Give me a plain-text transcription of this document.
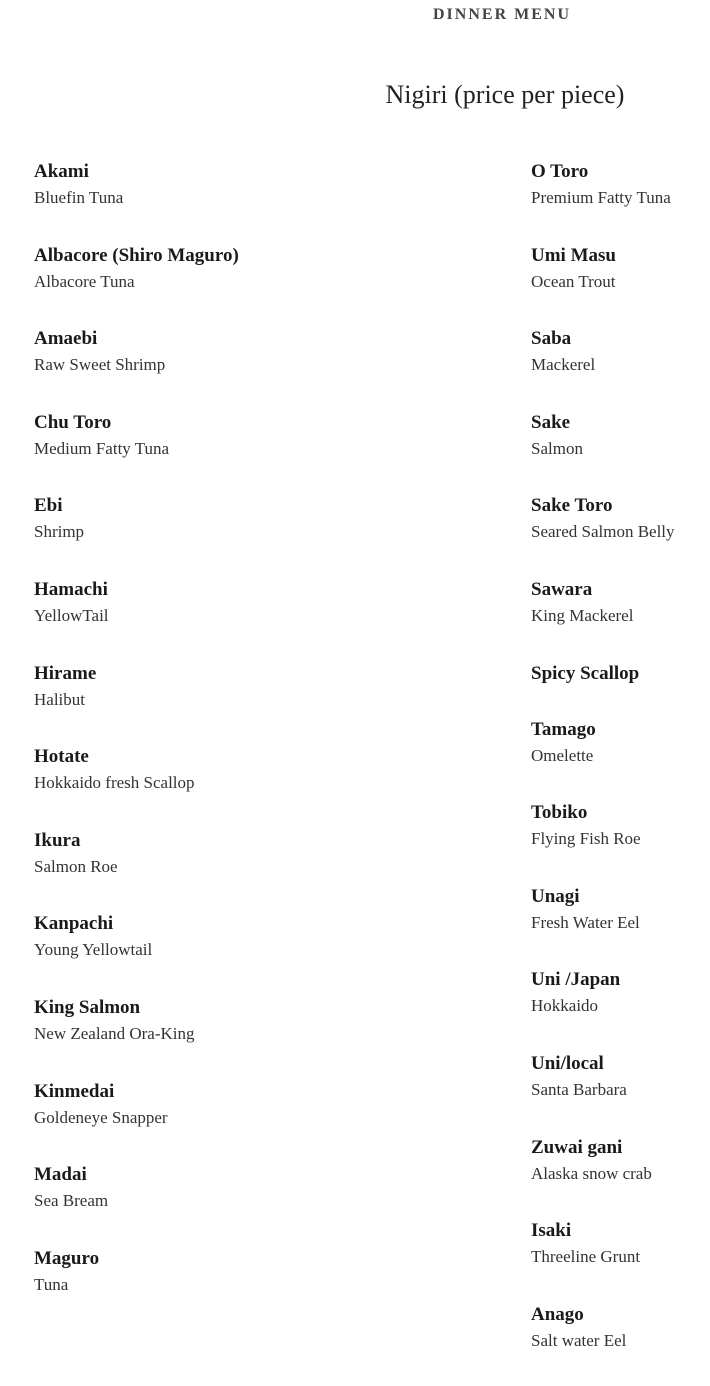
DINNER MENU
Nigiri (price per piece)
Akami
Bluefin Tuna
Albacore (Shiro Maguro)
Albacore Tuna
Amaebi
Raw Sweet Shrimp
Chu Toro
Medium Fatty Tuna
Ebi
Shrimp
Hamachi
YellowTail
Hirame
Halibut
Hotate
Hokkaido fresh Scallop
Ikura
Salmon Roe
Kanpachi
Young Yellowtail
King Salmon
New Zealand Ora-King
Kinmedai
Goldeneye Snapper
Madai
Sea Bream
Maguro
Tuna
O Toro
Premium Fatty Tuna
Umi Masu
Ocean Trout
Saba
Mackerel
Sake
Salmon
Sake Toro
Seared Salmon Belly
Sawara
King Mackerel
Spicy Scallop
Tamago
Omelette
Tobiko
Flying Fish Roe
Unagi
Fresh Water Eel
Uni /Japan
Hokkaido
Uni/local
Santa Barbara
Zuwai gani
Alaska snow crab
Isaki
Threeline Grunt
Anago
Salt water Eel
